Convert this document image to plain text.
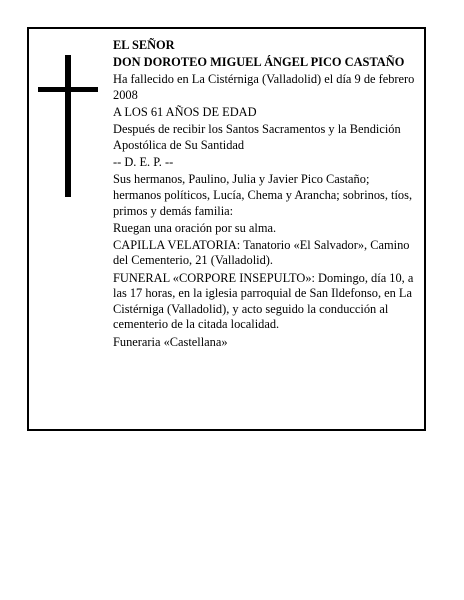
EL SEÑOR

DON DOROTEO MIGUEL ÁNGEL PICO CASTAÑO

Ha fallecido en La Cistérniga (Valladolid) el día 9 de febrero 2008

A LOS 61 AÑOS DE EDAD

Después de recibir los Santos Sacramentos y la Bendición Apostólica de Su Santidad

-- D. E. P. --

Sus hermanos, Paulino, Julia y Javier Pico Castaño; hermanos políticos, Lucía, Chema y Arancha; sobrinos, tíos, primos y demás familia:

Ruegan una oración por su alma.

CAPILLA VELATORIA: Tanatorio «El Salvador», Camino del Cementerio, 21 (Valladolid).

FUNERAL «CORPORE INSEPULTO»: Domingo, día 10, a las 17 horas, en la iglesia parroquial de San Ildefonso, en La Cistérniga (Valladolid), y acto seguido la conducción al cementerio de la citada localidad.

Funeraria «Castellana»
